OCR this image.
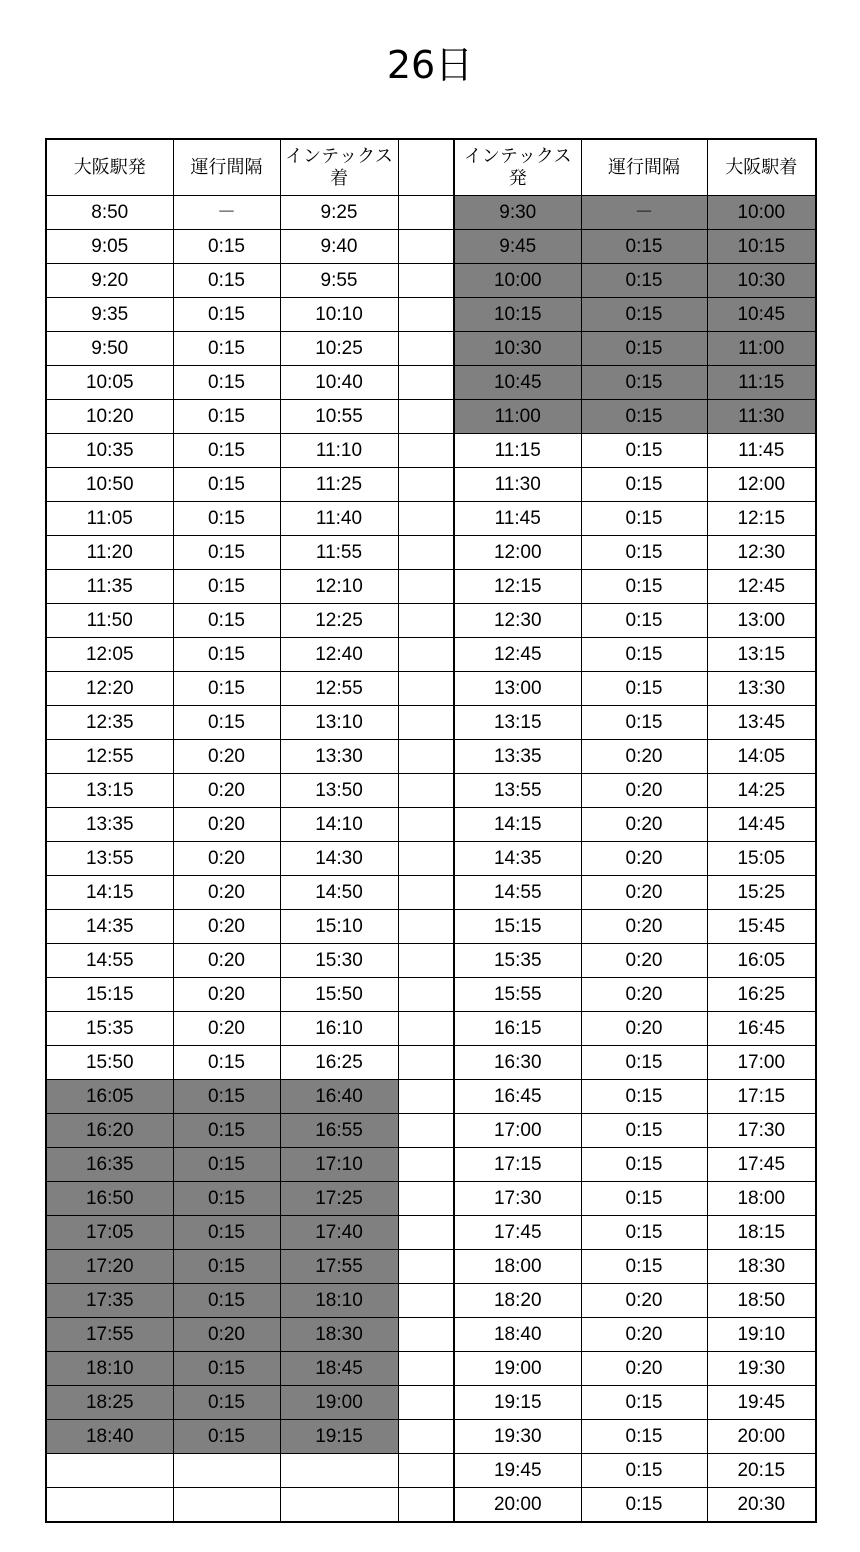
26日
大阪駅発	運行間隔	インテックス着		インテックス発	運行間隔	大阪駅着
8:50	－	9:25		9:30	－	10:00
9:05	0:15	9:40		9:45	0:15	10:15
9:20	0:15	9:55		10:00	0:15	10:30
9:35	0:15	10:10		10:15	0:15	10:45
9:50	0:15	10:25		10:30	0:15	11:00
10:05	0:15	10:40		10:45	0:15	11:15
10:20	0:15	10:55		11:00	0:15	11:30
10:35	0:15	11:10		11:15	0:15	11:45
10:50	0:15	11:25		11:30	0:15	12:00
11:05	0:15	11:40		11:45	0:15	12:15
11:20	0:15	11:55		12:00	0:15	12:30
11:35	0:15	12:10		12:15	0:15	12:45
11:50	0:15	12:25		12:30	0:15	13:00
12:05	0:15	12:40		12:45	0:15	13:15
12:20	0:15	12:55		13:00	0:15	13:30
12:35	0:15	13:10		13:15	0:15	13:45
12:55	0:20	13:30		13:35	0:20	14:05
13:15	0:20	13:50		13:55	0:20	14:25
13:35	0:20	14:10		14:15	0:20	14:45
13:55	0:20	14:30		14:35	0:20	15:05
14:15	0:20	14:50		14:55	0:20	15:25
14:35	0:20	15:10		15:15	0:20	15:45
14:55	0:20	15:30		15:35	0:20	16:05
15:15	0:20	15:50		15:55	0:20	16:25
15:35	0:20	16:10		16:15	0:20	16:45
15:50	0:15	16:25		16:30	0:15	17:00
16:05	0:15	16:40		16:45	0:15	17:15
16:20	0:15	16:55		17:00	0:15	17:30
16:35	0:15	17:10		17:15	0:15	17:45
16:50	0:15	17:25		17:30	0:15	18:00
17:05	0:15	17:40		17:45	0:15	18:15
17:20	0:15	17:55		18:00	0:15	18:30
17:35	0:15	18:10		18:20	0:20	18:50
17:55	0:20	18:30		18:40	0:20	19:10
18:10	0:15	18:45		19:00	0:20	19:30
18:25	0:15	19:00		19:15	0:15	19:45
18:40	0:15	19:15		19:30	0:15	20:00
				19:45	0:15	20:15
				20:00	0:15	20:30
